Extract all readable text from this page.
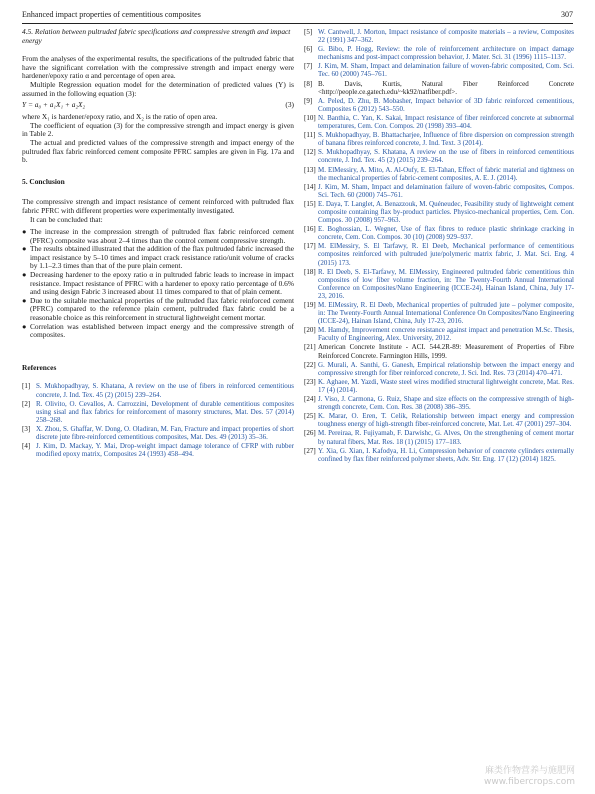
Enhanced impact properties of cementitious composites	307
4.5. Relation between pultruded fabric specifications and compressive strength and impact energy

From the analyses of the experimental results, the specifications of the pultruded fabric that have the significant correlation with the compressive strength and impact energy were hardener/epoxy ratio α and percentage of open area.

Multiple Regression equation model for the determination of predicted values (Y) is assumed in the following equation (3):

Y = a₀ + a₁X₁ + a₂X₂	(3)

where X₁ is hardener/epoxy ratio, and X₂ is the ratio of open area.

The coefficient of equation (3) for the compressive strength and impact energy is given in Table 2.

The actual and predicted values of the compressive strength and impact energy of the pultruded flax fabric reinforced cement composite PFRC samples are given in Fig. 17a and b.

5. Conclusion

The compressive strength and impact resistance of cement reinforced with pultruded flax fabric PFRC with different properties were experimentally investigated.

It can be concluded that:

● The increase in the compression strength of pultruded flax fabric reinforced cement (PFRC) composite was about 2–4 times than the control cement compressive strength.
● The results obtained illustrated that the addition of the flax pultruded fabric increased the impact resistance by 5–10 times and impact crack resistance ratio/unit volume of cracks by 1.1–2.3 times than that of the pure plain cement.
● Decreasing hardener to the epoxy ratio α in pultruded fabric leads to increase in impact resistance. Impact resistance of PFRC with a hardener to epoxy ratio percentage of 0.6% and using design Fabric 3 increased about 11 times compared to that of plain cement.
● Due to the suitable mechanical properties of the pultruded flax fabric reinforced cement (PFRC) compared to the reference plain cement, pultruded flax fabric could be a reasonable choice as this reinforcement in structural lightweight cement mortar.
● Correlation was established between impact energy and the compressive strength of composites.
References
[1] S. Mukhopadhyay, S. Khatana, A review on the use of fibers in reinforced cementitious concrete, J. Ind. Tex. 45 (2) (2015) 239–264.
[2] R. Olivito, O. Cevallos, A. Carrozzini, Development of durable cementitious composites using sisal and flax fabrics for reinforcement of masonry structures, Mat. Des. 57 (2014) 258–268.
[3] X. Zhou, S. Ghaffar, W. Dong, O. Oladiran, M. Fan, Fracture and impact properties of short discrete jute fibre-reinforced cementitious composites, Mat. Des. 49 (2013) 35–36.
[4] J. Kim, D. Mackay, Y. Mai, Drop-weight impact damage tolerance of CFRP with rubber modified epoxy matrix, Composites 24 (1993) 458–494.
[5] W. Cantwell, J. Morton, Impact resistance of composite materials – a review, Composites 22 (1991) 347–362.
[6] G. Bibo, P. Hogg, Review: the role of reinforcement architecture on impact damage mechanisms and post-impact compression behavior, J. Mater. Sci. 31 (1996) 1115–1137.
[7] J. Kim, M. Sham, Impact and delamination failure of woven-fabric composited, Com. Sci. Tec. 60 (2000) 745–761.
[8] B. Davis, Kurtis, Natural Fiber Reinforced Concrete <http://people.ce.gatech.edu/~kk92/natfiber.pdf>.
[9] A. Peled, D. Zhu, B. Mobasher, Impact behavior of 3D fabric reinforced cementitious, Composites 6 (2012) 543–550.
[10] N. Banthia, C. Yan, K. Sakai, Impact resistance of fiber reinforced concrete at subnormal temperatures, Cem. Con. Compos. 20 (1998) 393–404.
[11] S. Mukhopadhyay, B. Bhattacharjee, Influence of fibre dispersion on compression strength of banana fibres reinforced concrete, J. Ind. Text. 3 (2014).
[12] S. Mukhopadhyay, S. Khatana, A review on the use of fibers in reinforced cementitious concrete, J. Ind. Tex. 45 (2) (2015) 239–264.
[13] M. ElMessiry, A. Mito, A. Al-Oufy, E. El-Tahan, Effect of fabric material and tightness on the mechanical properties of fabric-cement composites, A. E. J. (2014).
[14] J. Kim, M. Sham, Impact and delamination failure of woven-fabric composites, Compos. Sci. Tech. 60 (2000) 745–761.
[15] E. Daya, T. Langlet, A. Benazzouk, M. Quéneudec, Feasibility study of lightweight cement composite containing flax by-product particles. Physico-mechanical properties, Cem. Con. Compos. 30 (2008) 957–963.
[16] E. Boghossian, L. Wegner, Use of flax fibres to reduce plastic shrinkage cracking in concrete, Cem. Con. Compos. 30 (10) (2008) 929–937.
[17] M. ElMessiry, S. El Tarfawy, R. El Deeb, Mechanical performance of cementitious composites reinforced with pultruded jute/polymeric matrix fabric, J. Mat. Sci. Eng. 4 (2015) 173.
[18] R. El Deeb, S. El-Tarfawy, M. ElMessiry, Engineered pultruded fabric cementitious thin composites of low fiber volume fraction, in: The Twenty-Fourth Annual International Conference on Composites/Nano Engineering (ICCE-24), Hainan Island, China, July 17-23, 2016.
[19] M. ElMessiry, R. El Deeb, Mechanical properties of pultruded jute – polymer composite, in: The Twenty-Fourth Annual International Conference On Composites/Nano Engineering (ICCE-24), Hainan Island, China, July 17-23, 2016.
[20] M. Hamdy, Improvement concrete resistance against impact and penetration M.Sc. Thesis, Faculty of Engineering, Alex. University, 2012.
[21] American Concrete Institute - ACI. 544.2R-89: Measurement of Properties of Fibre Reinforced Concrete. Farmington Hills, 1999.
[22] G. Murali, A. Santhi, G. Ganesh, Empirical relationship between the impact energy and compressive strength for fiber reinforced concrete, J. Sci. Ind. Res. 73 (2014) 470–471.
[23] K. Aghaee, M. Yazdi, Waste steel wires modified structural lightweight concrete, Mat. Res. 17 (4) (2014).
[24] J. Viso, J. Carmona, G. Ruiz, Shape and size effects on the compressive strength of high-strength concrete, Cem. Con. Res. 38 (2008) 386–395.
[25] K. Marar, O. Eren, T. Celik, Relationship between impact energy and compression toughness energy of high-strength fiber-reinforced concrete, Mat. Let. 47 (2001) 297–304.
[26] M. Pereiraa, R. Fujiyamab, F. Darwishc, G. Alves, On the strengthening of cement mortar by natural fibers, Mat. Res. 18 (1) (2015) 177–183.
[27] Y. Xia, G. Xian, I. Kafodya, H. Li, Compression behavior of concrete cylinders externally confined by flax fiber reinforced polymer sheets, Adv. Str. Eng. 17 (12) (2014) 1825.
麻类作物营养与施肥网
www.fibercrops.com
